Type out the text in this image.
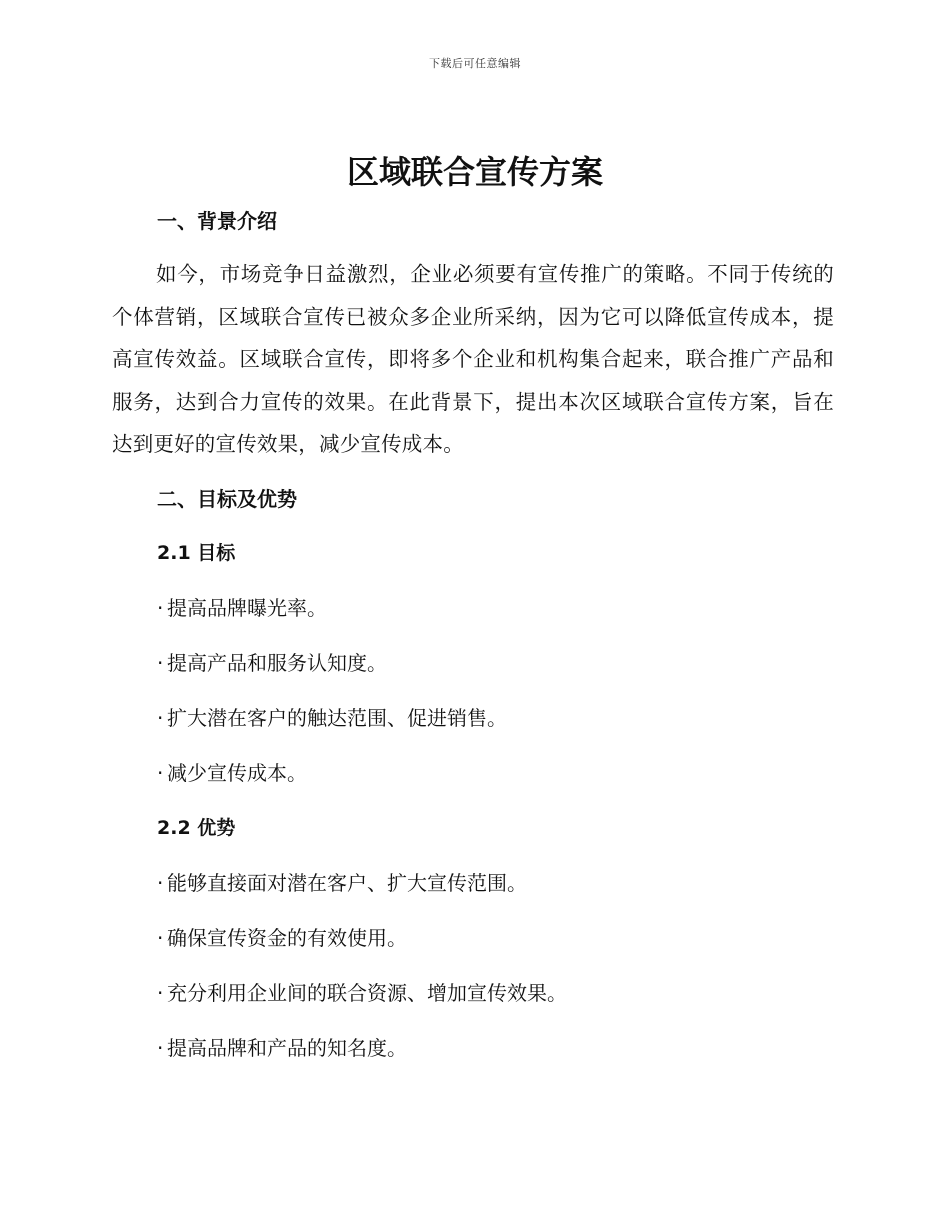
下载后可任意编辑
区域联合宣传方案
一、背景介绍

如今，市场竞争日益激烈，企业必须要有宣传推广的策略。不同于传统的个体营销，区域联合宣传已被众多企业所采纳，因为它可以降低宣传成本，提高宣传效益。区域联合宣传，即将多个企业和机构集合起来，联合推广产品和服务，达到合力宣传的效果。在此背景下，提出本次区域联合宣传方案，旨在达到更好的宣传效果，减少宣传成本。

二、目标及优势
2.1 目标

· 提高品牌曝光率。

· 提高产品和服务认知度。

· 扩大潜在客户的触达范围、促进销售。

· 减少宣传成本。

2.2 优势

· 能够直接面对潜在客户、扩大宣传范围。

· 确保宣传资金的有效使用。

· 充分利用企业间的联合资源、增加宣传效果。

· 提高品牌和产品的知名度。
